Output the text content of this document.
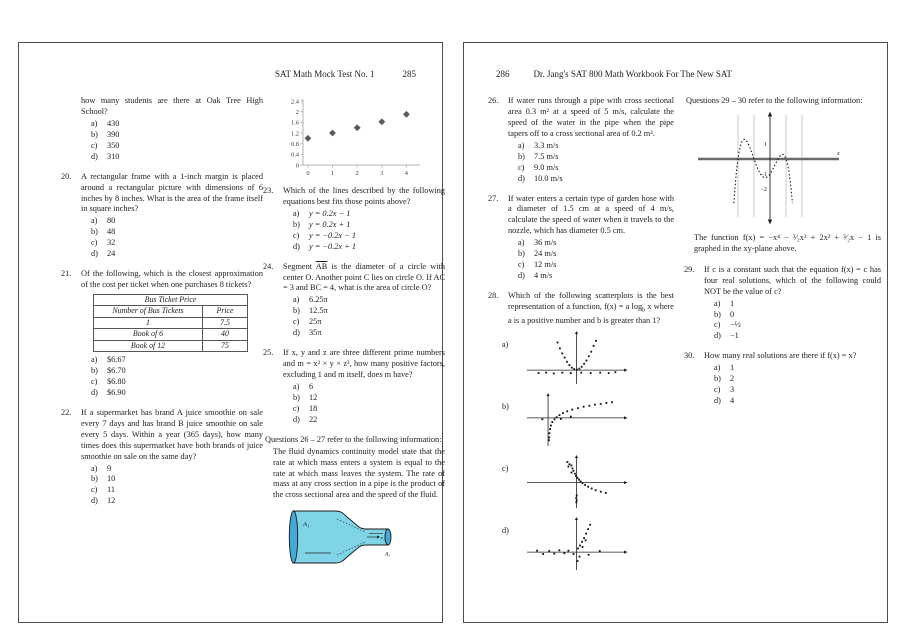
SAT Math Mock Test No. 1	285
how many students are there at Oak Tree High School?
a)	430
b)	390
c)	350
d)	310
20.	A rectangular frame with a 1-inch margin is placed around a rectangular picture with dimensions of 6 inches by 8 inches. What is the area of the frame itself in square inches?
a)	80
b)	48
c)	32
d)	24
21.	Of the following, which is the closest approximation of the cost per ticket when one purchases 8 tickets?
Bus Ticket Price	
Number of Bus Tickets	Price
1	7.5
Book of 6	40
Book of 12	75
a)	$6.67
b)	$6.70
c)	$6.80
d)	$6.90
22.	If a supermarket has brand A juice smoothie on sale every 7 days and has brand B juice smoothie on sale every 5 days. Within a year (365 days), how many times does this supermarket have both brands of juice smoothie on sale on the same day?
a)	9
b)	10
c)	11
d)	12
0
0.4
0.8
1.2
1.6
2
2.4
0	1	2	3	4
23.	Which of the lines described by the following equations best fits those points above?
a)	y = 0.2x − 1
b)	y = 0.2x + 1
c)	y = −0.2x − 1
d)	y = −0.2x + 1
24.	Segment $\overline{AB}$ is the diameter of a circle with center O. Another point C lies on circle O. If AC = 3 and BC = 4, what is the area of circle O?
a)	6.25π
b)	12.5π
c)	25π
d)	35π
25.	If x, y and z are three different prime numbers and m = x² × y × z³, how many positive factors, excluding 1 and m itself, does m have?
a)	6
b)	12
c)	18
d)	22
Questions 26 – 27 refer to the following information:
The fluid dynamics continuity model state that the rate at which mass enters a system is equal to the rate at which mass leaves the system. The rate of mass at any cross section in a pipe is the product of the cross sectional area and the speed of the fluid.
A₁
v₂
A₂
286	Dr. Jang's SAT 800 Math Workbook For The New SAT
26.	If water runs through a pipe with cross sectional area 0.3 m² at a speed of 5 m/s, calculate the speed of the water in the pipe when the pipe tapers off to a cross sectional area of 0.2 m².
a)	3.3 m/s
b)	7.5 m/s
c)	9.0 m/s
d)	10.0 m/s
27.	If water enters a certain type of garden hose with a diameter of 1.5 cm at a speed of 4 m/s, calculate the speed of water when it travels to the nozzle, which has diameter 0.5 cm.
a)	36 m/s
b)	24 m/s
c)	12 m/s
d)	4 m/s
28.	Which of the following scatterplots is the best representation of a function, f(x) = a $\log_b x$ where a is a positive number and b is greater than 1?
a)
b)
c)
d)
Questions 29 – 30 refer to the following information:
1
−1
−2
x
The function f(x) = −x⁴ − ³⁄₂x³ + 2x² + ³⁄₂x − 1 is graphed in the xy-plane above.
29.	If c is a constant such that the equation f(x) = c has four real solutions, which of the following could NOT be the value of c?
a)	1
b)	0
c)	−½
d)	−1
30.	How many real solutions are there if f(x) = x?
a)	1
b)	2
c)	3
d)	4
